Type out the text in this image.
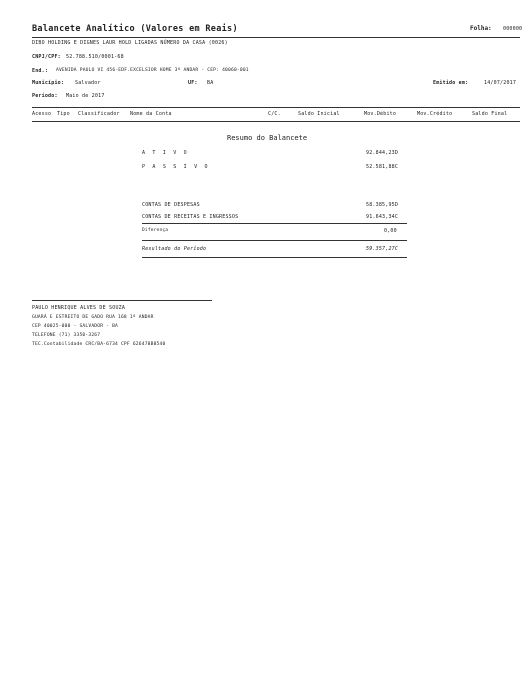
Balancete Analítico (Valores em Reais)	Folha: 000000
DIBO HOLDING E DIGNES LAUR HOLD LIGADAS NÚMERO DA CASA (0026)
CNPJ/CPF: 52.788.510/0001-68
End.: AVENIDA PAULO VI 456-EDF.EXCELSIOR HOME 3º ANDAR - CEP: 40060-001
Município: Salvador	UF: BA	Emitido em:	14/07/2017
Período: Maio de 2017
Acesso Tipo Classificador Nome da Conta	C/C.	Saldo Inicial	Mov.Débito	Mov.Crédito	Saldo Final
Resumo do Balancete
A T I V O	92.844,23D
P A S S I V O	52.581,88C
CONTAS DE DESPESAS	58.385,95D
CONTAS DE RECEITAS E INGRESSOS	91.643,34C
Diferença	0,00
Resultado do Período	59.357,27C
PAULO HENRIQUE ALVES DE SOUZA
GUARÁ E ESTREITO DE GADO RUA 168 1º ANDAR
CEP 40025-000 - SALVADOR - BA
TELEFONE (71) 3350-3267
TEC.Contabilidade CRC/BA-6734 CPF 626478B8540
